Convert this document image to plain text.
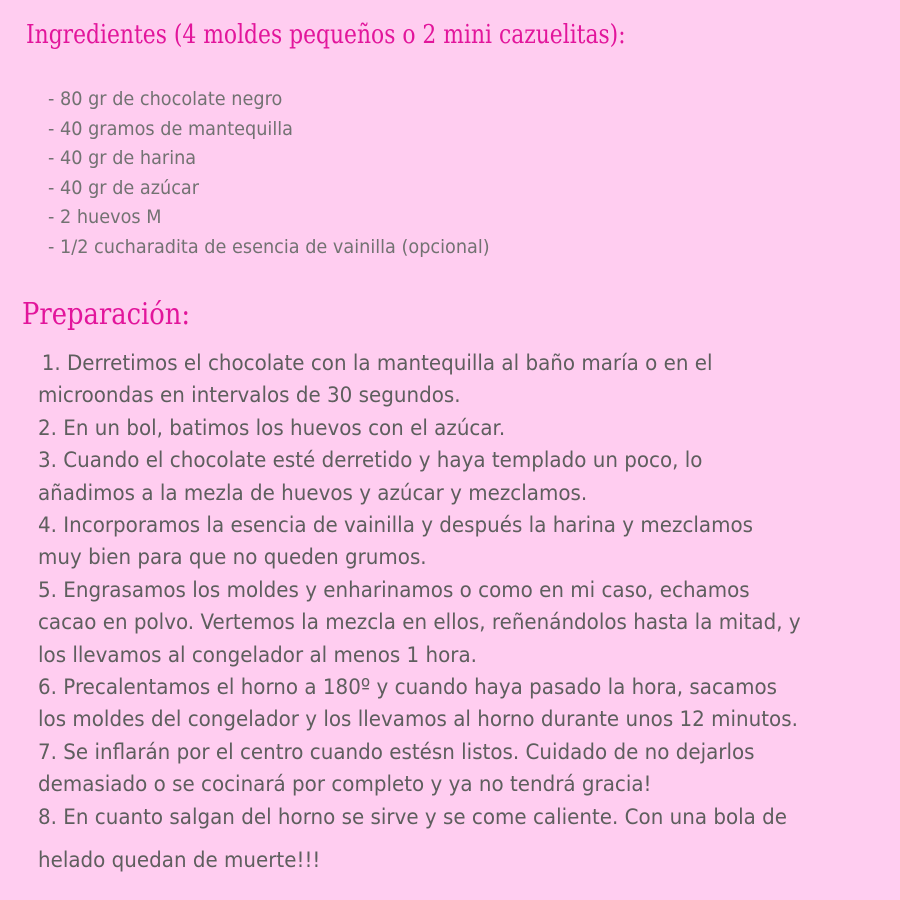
Ingredientes (4 moldes pequeños o 2 mini cazuelitas):
- 80 gr de chocolate negro
- 40 gramos de mantequilla
- 40 gr de harina
- 40 gr de azúcar
- 2 huevos M
- 1/2 cucharadita de esencia de vainilla (opcional)
Preparación:
1. Derretimos el chocolate con la mantequilla al baño maría o en el
microondas en intervalos de 30 segundos.
2. En un bol, batimos los huevos con el azúcar.
3. Cuando el chocolate esté derretido y haya templado un poco, lo
añadimos a la mezla de huevos y azúcar y mezclamos.
4. Incorporamos la esencia de vainilla y después la harina y mezclamos
muy bien para que no queden grumos.
5. Engrasamos los moldes y enharinamos o como en mi caso, echamos
cacao en polvo. Vertemos la mezcla en ellos, reñenándolos hasta la mitad, y
los llevamos al congelador al menos 1 hora.
6. Precalentamos el horno a 180º y cuando haya pasado la hora, sacamos
los moldes del congelador y los llevamos al horno durante unos 12 minutos.
7. Se inflarán por el centro cuando estésn listos. Cuidado de no dejarlos
demasiado o se cocinará por completo y ya no tendrá gracia!
8. En cuanto salgan del horno se sirve y se come caliente. Con una bola de
helado quedan de muerte!!!
